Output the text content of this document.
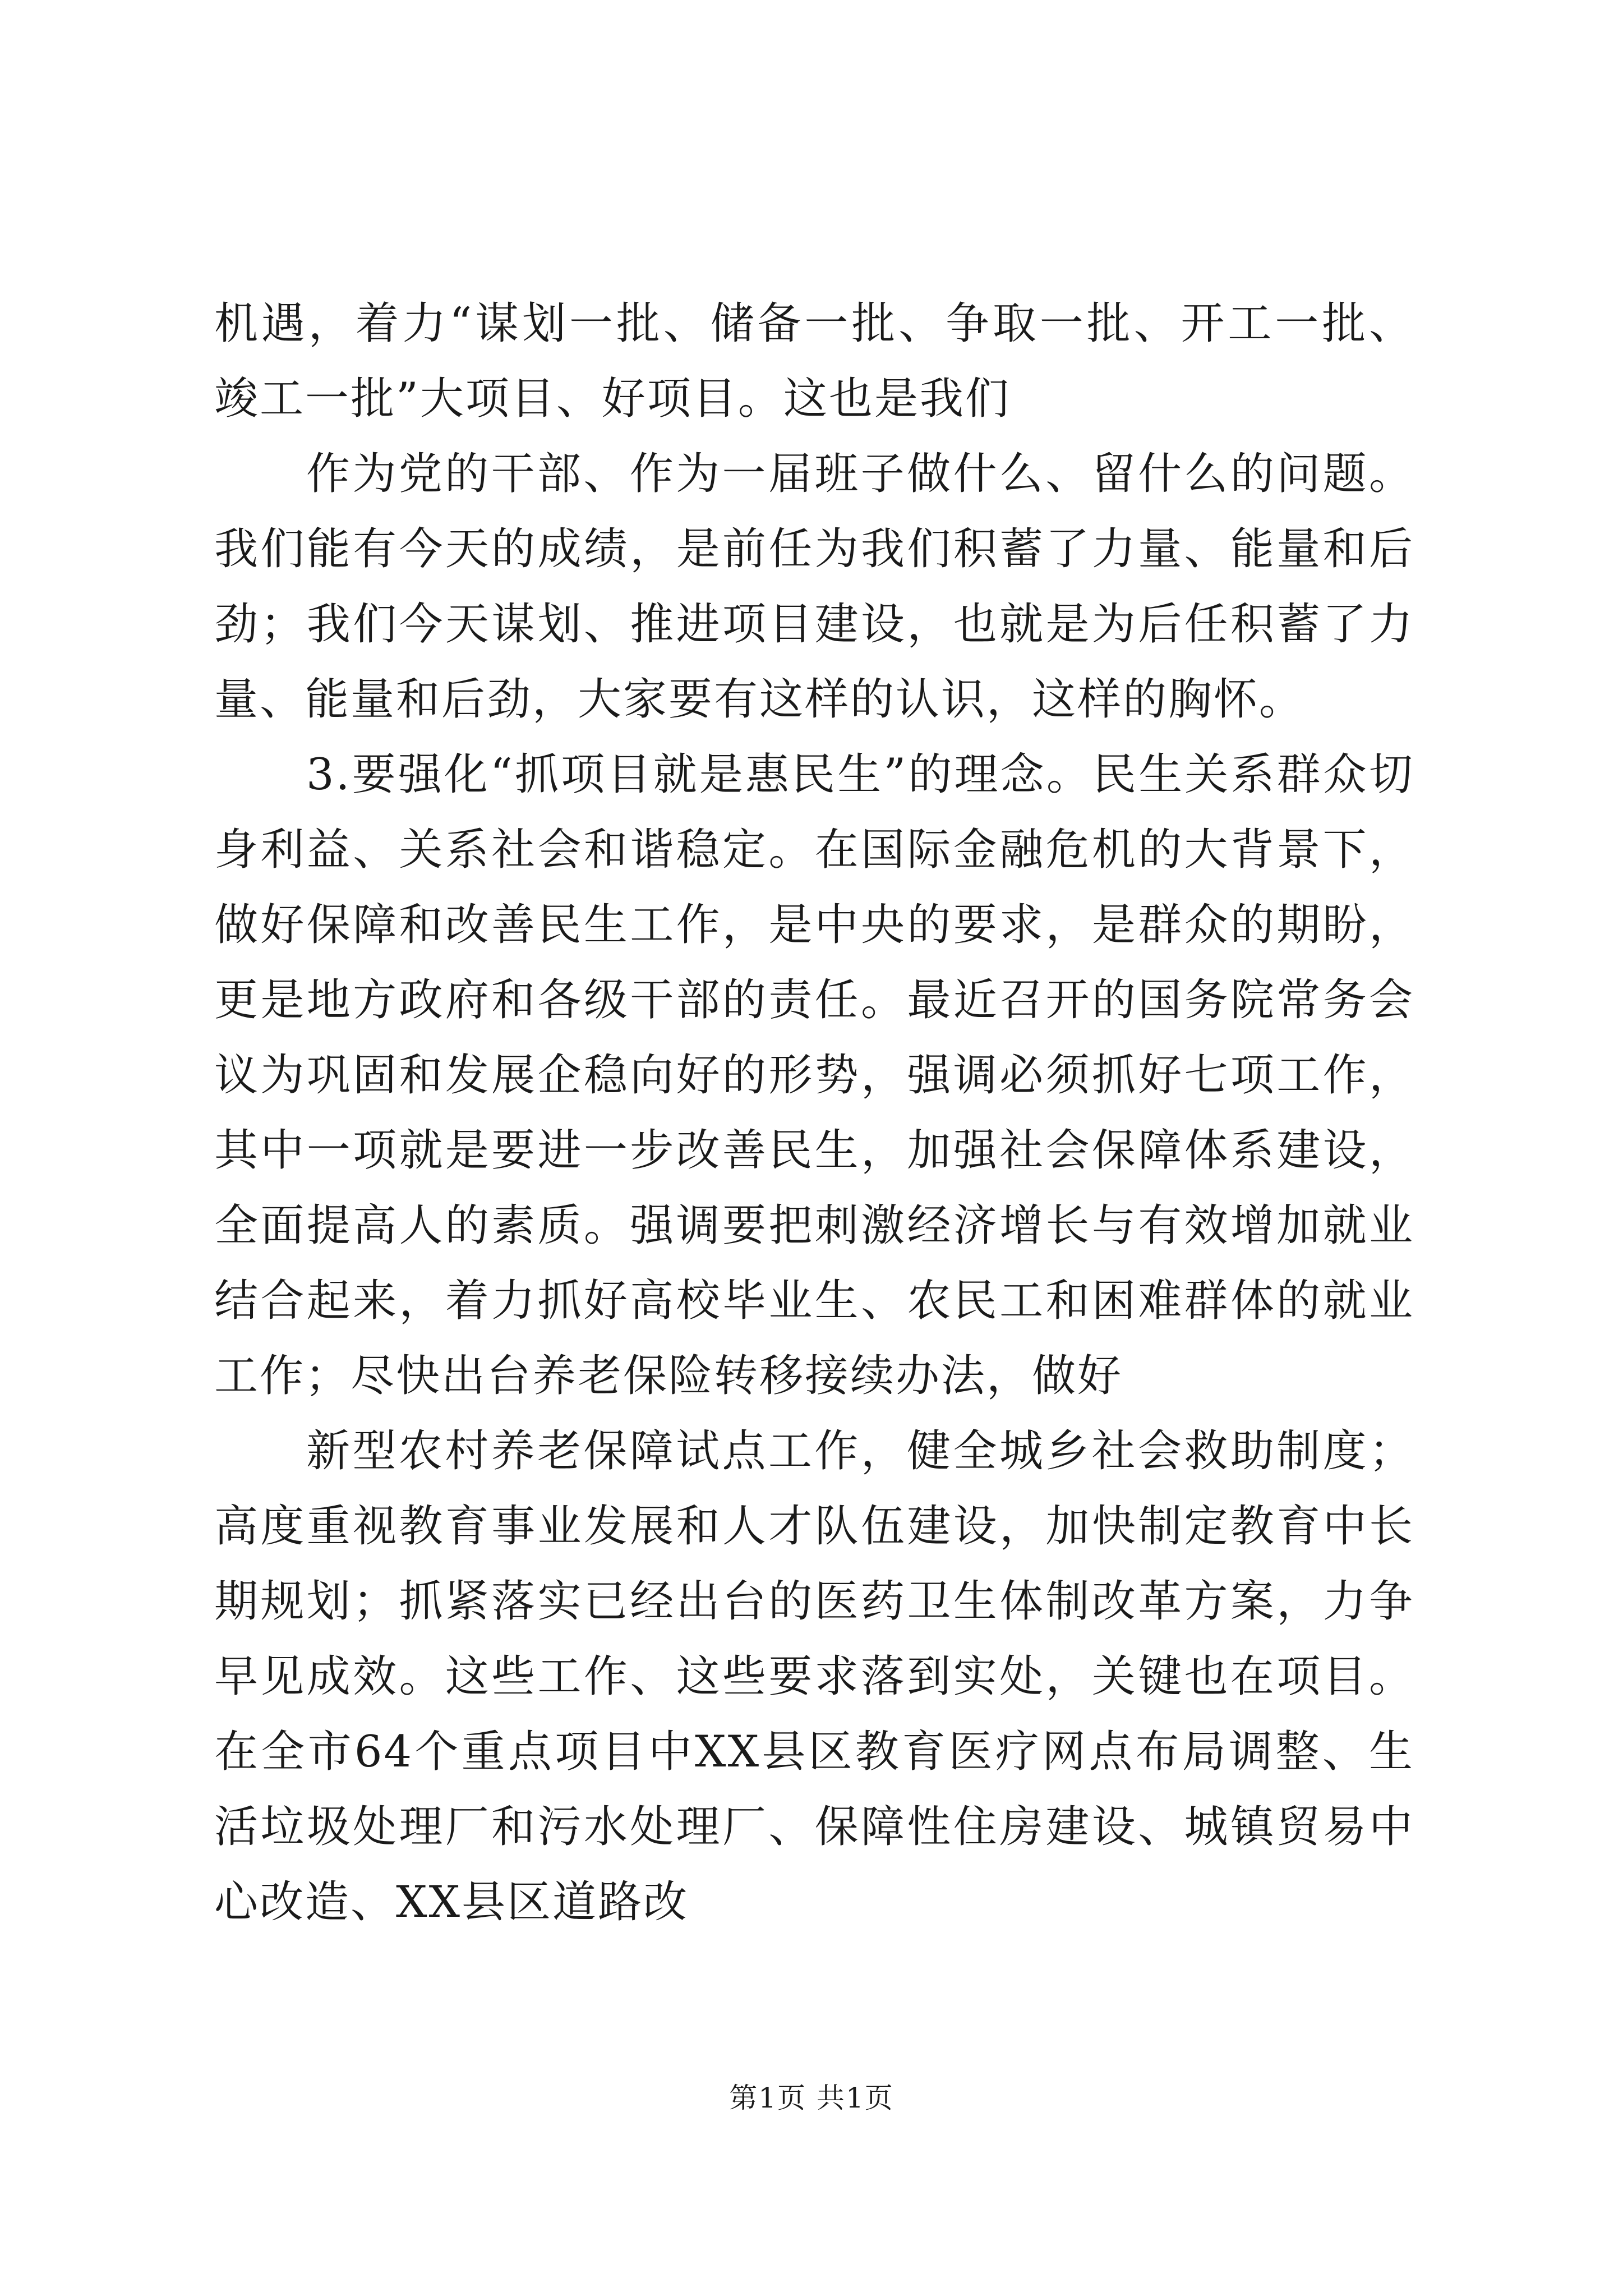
机遇，着力“谋划一批、储备一批、争取一批、开工一批、竣工一批”大项目、好项目。这也是我们

作为党的干部、作为一届班子做什么、留什么的问题。我们能有今天的成绩，是前任为我们积蓄了力量、能量和后劲；我们今天谋划、推进项目建设，也就是为后任积蓄了力量、能量和后劲，大家要有这样的认识，这样的胸怀。

3.要强化“抓项目就是惠民生”的理念。民生关系群众切身利益、关系社会和谐稳定。在国际金融危机的大背景下，做好保障和改善民生工作，是中央的要求，是群众的期盼，更是地方政府和各级干部的责任。最近召开的国务院常务会议为巩固和发展企稳向好的形势，强调必须抓好七项工作，其中一项就是要进一步改善民生，加强社会保障体系建设，全面提高人的素质。强调要把刺激经济增长与有效增加就业结合起来，着力抓好高校毕业生、农民工和困难群体的就业工作；尽快出台养老保险转移接续办法，做好

新型农村养老保障试点工作，健全城乡社会救助制度；高度重视教育事业发展和人才队伍建设，加快制定教育中长期规划；抓紧落实已经出台的医药卫生体制改革方案，力争早见成效。这些工作、这些要求落到实处，关键也在项目。在全市64个重点项目中XX县区教育医疗网点布局调整、生活垃圾处理厂和污水处理厂、保障性住房建设、城镇贸易中心改造、XX县区道路改

第1页 共1页
